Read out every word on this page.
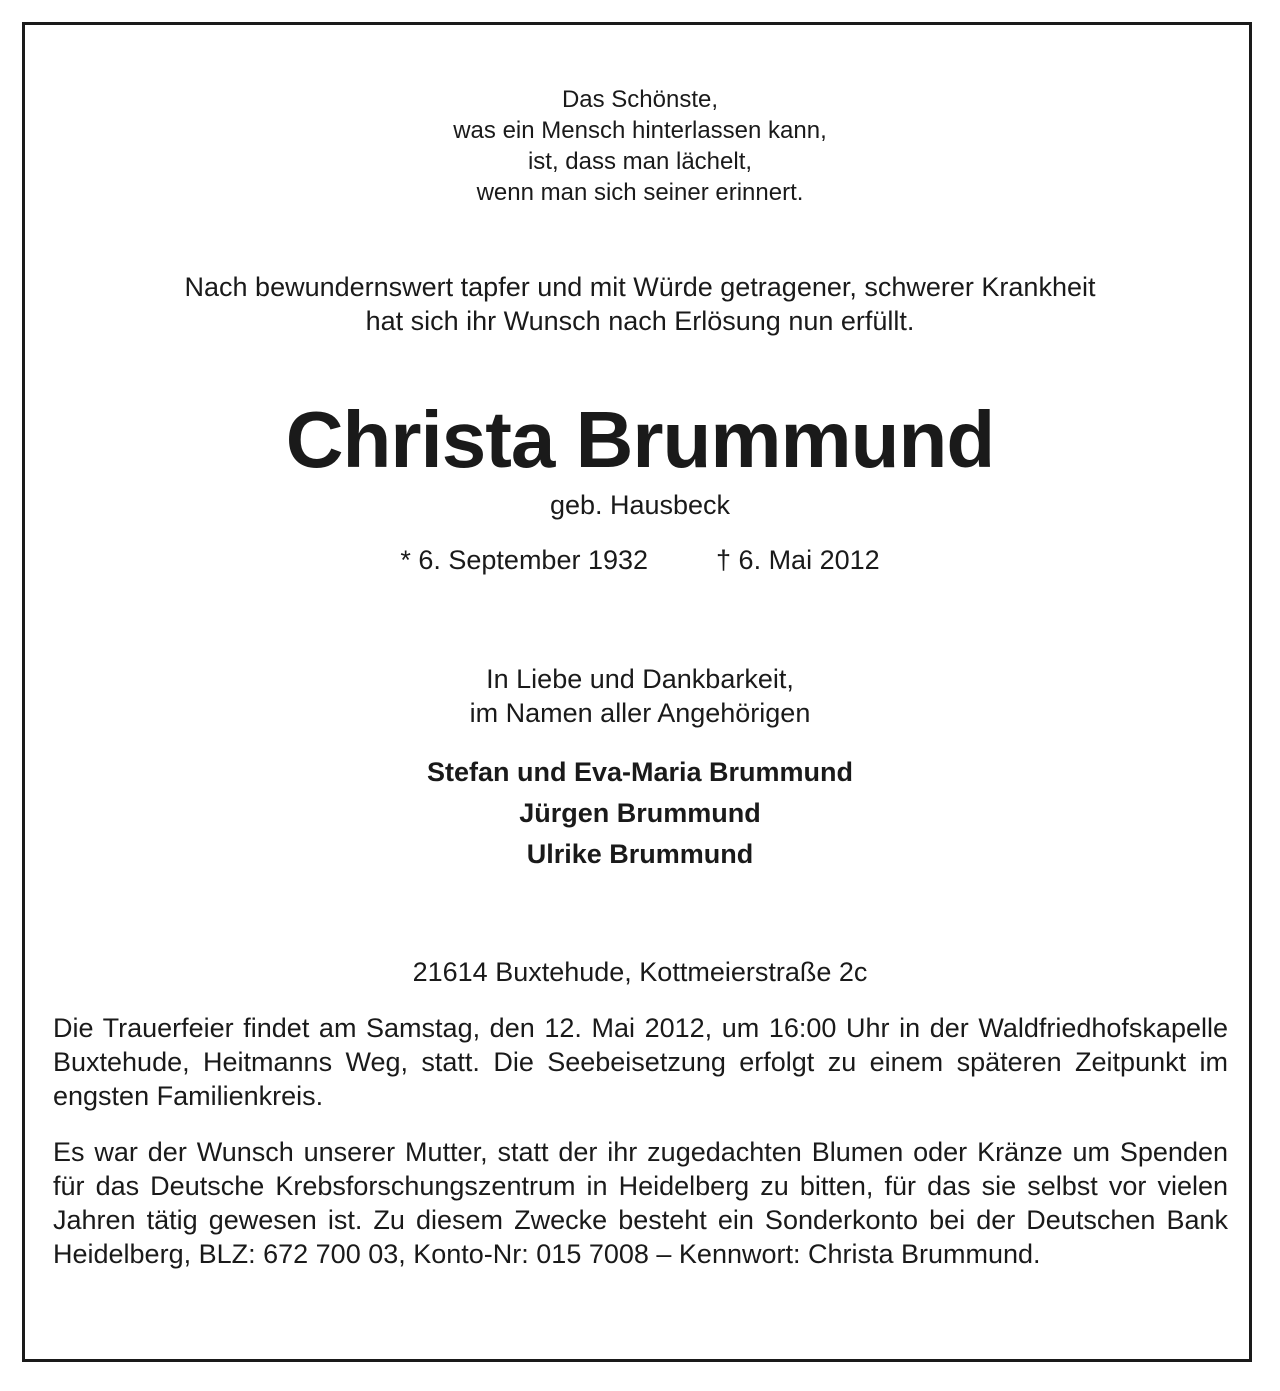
Das Schönste,
was ein Mensch hinterlassen kann,
ist, dass man lächelt,
wenn man sich seiner erinnert.
Nach bewundernswert tapfer und mit Würde getragener, schwerer Krankheit
hat sich ihr Wunsch nach Erlösung nun erfüllt.
Christa Brummund
geb. Hausbeck
* 6. September 1932	† 6. Mai 2012
In Liebe und Dankbarkeit,
im Namen aller Angehörigen
Stefan und Eva-Maria Brummund
Jürgen Brummund
Ulrike Brummund
21614 Buxtehude, Kottmeierstraße 2c
Die Trauerfeier findet am Samstag, den 12. Mai 2012, um 16:00 Uhr in der Waldfriedhofskapelle Buxtehude, Heitmanns Weg, statt. Die Seebeisetzung erfolgt zu einem späteren Zeitpunkt im engsten Familienkreis.
Es war der Wunsch unserer Mutter, statt der ihr zugedachten Blumen oder Kränze um Spenden für das Deutsche Krebsforschungszentrum in Heidelberg zu bitten, für das sie selbst vor vielen Jahren tätig gewesen ist. Zu diesem Zwecke besteht ein Sonderkonto bei der Deutschen Bank Heidelberg, BLZ: 672 700 03, Konto-Nr: 015 7008 – Kennwort: Christa Brummund.
